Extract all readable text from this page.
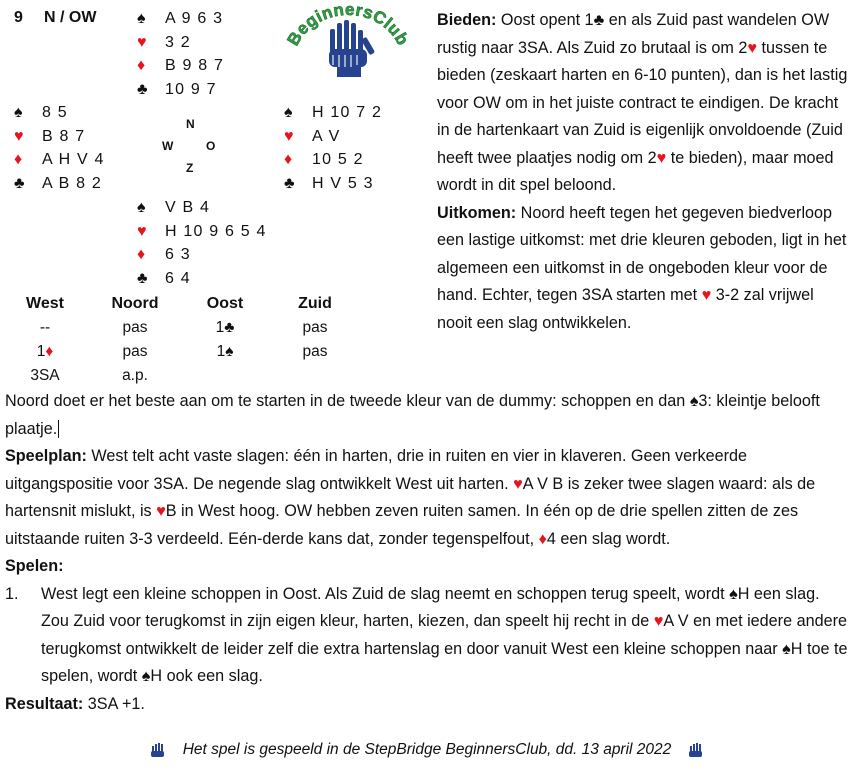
9 N / OW	♠	A 9 6 3
♥	3 2
♦	B 9 8 7
♣	10 9 7
♠	8 5
♥	B 8 7
♦	A H V 4
♣	A B 8 2
N
W	O
Z
♠	H 10 7 2
♥	A V
♦	10 5 2
♣	H V 5 3
♠	V B 4
♥	H 10 9 6 5 4
♦	6 3
♣	6 4
BeginnersClub
West	Noord	Oost	Zuid
--	pas	1♣	pas
1♦	pas	1♠	pas
3SA	a.p.		

Bieden: Oost opent 1♣ en als Zuid past wandelen OW rustig naar 3SA. Als Zuid zo brutaal is om 2♥ tussen te bieden (zeskaart harten en 6-10 punten), dan is het lastig voor OW om in het juiste contract te eindigen. De kracht in de hartenkaart van Zuid is eigenlijk onvoldoende (Zuid heeft twee plaatjes nodig om 2♥ te bieden), maar moed wordt in dit spel beloond.

Uitkomen: Noord heeft tegen het gegeven biedverloop een lastige uitkomst: met drie kleuren geboden, ligt in het algemeen een uitkomst in de ongeboden kleur voor de hand. Echter, tegen 3SA starten met ♥ 3-2 zal vrijwel nooit een slag ontwikkelen.

Noord doet er het beste aan om te starten in de tweede kleur van de dummy: schoppen en dan ♠3: kleintje belooft plaatje.

Speelplan: West telt acht vaste slagen: één in harten, drie in ruiten en vier in klaveren. Geen verkeerde uitgangspositie voor 3SA. De negende slag ontwikkelt West uit harten. ♥A V B is zeker twee slagen waard: als de hartensnit mislukt, is ♥B in West hoog. OW hebben zeven ruiten samen. In één op de drie spellen zitten de zes uitstaande ruiten 3-3 verdeeld. Eén-derde kans dat, zonder tegenspelfout, ♦4 een slag wordt.

Spelen:

1.	West legt een kleine schoppen in Oost. Als Zuid de slag neemt en schoppen terug speelt, wordt ♠H een slag. Zou Zuid voor terugkomst in zijn eigen kleur, harten, kiezen, dan speelt hij recht in de ♥A V en met iedere andere terugkomst ontwikkelt de leider zelf die extra hartenslag en door vanuit West een kleine schoppen naar ♠H toe te spelen, wordt ♠H ook een slag.

Resultaat: 3SA +1.

Het spel is gespeeld in de StepBridge BeginnersClub, dd. 13 april 2022
